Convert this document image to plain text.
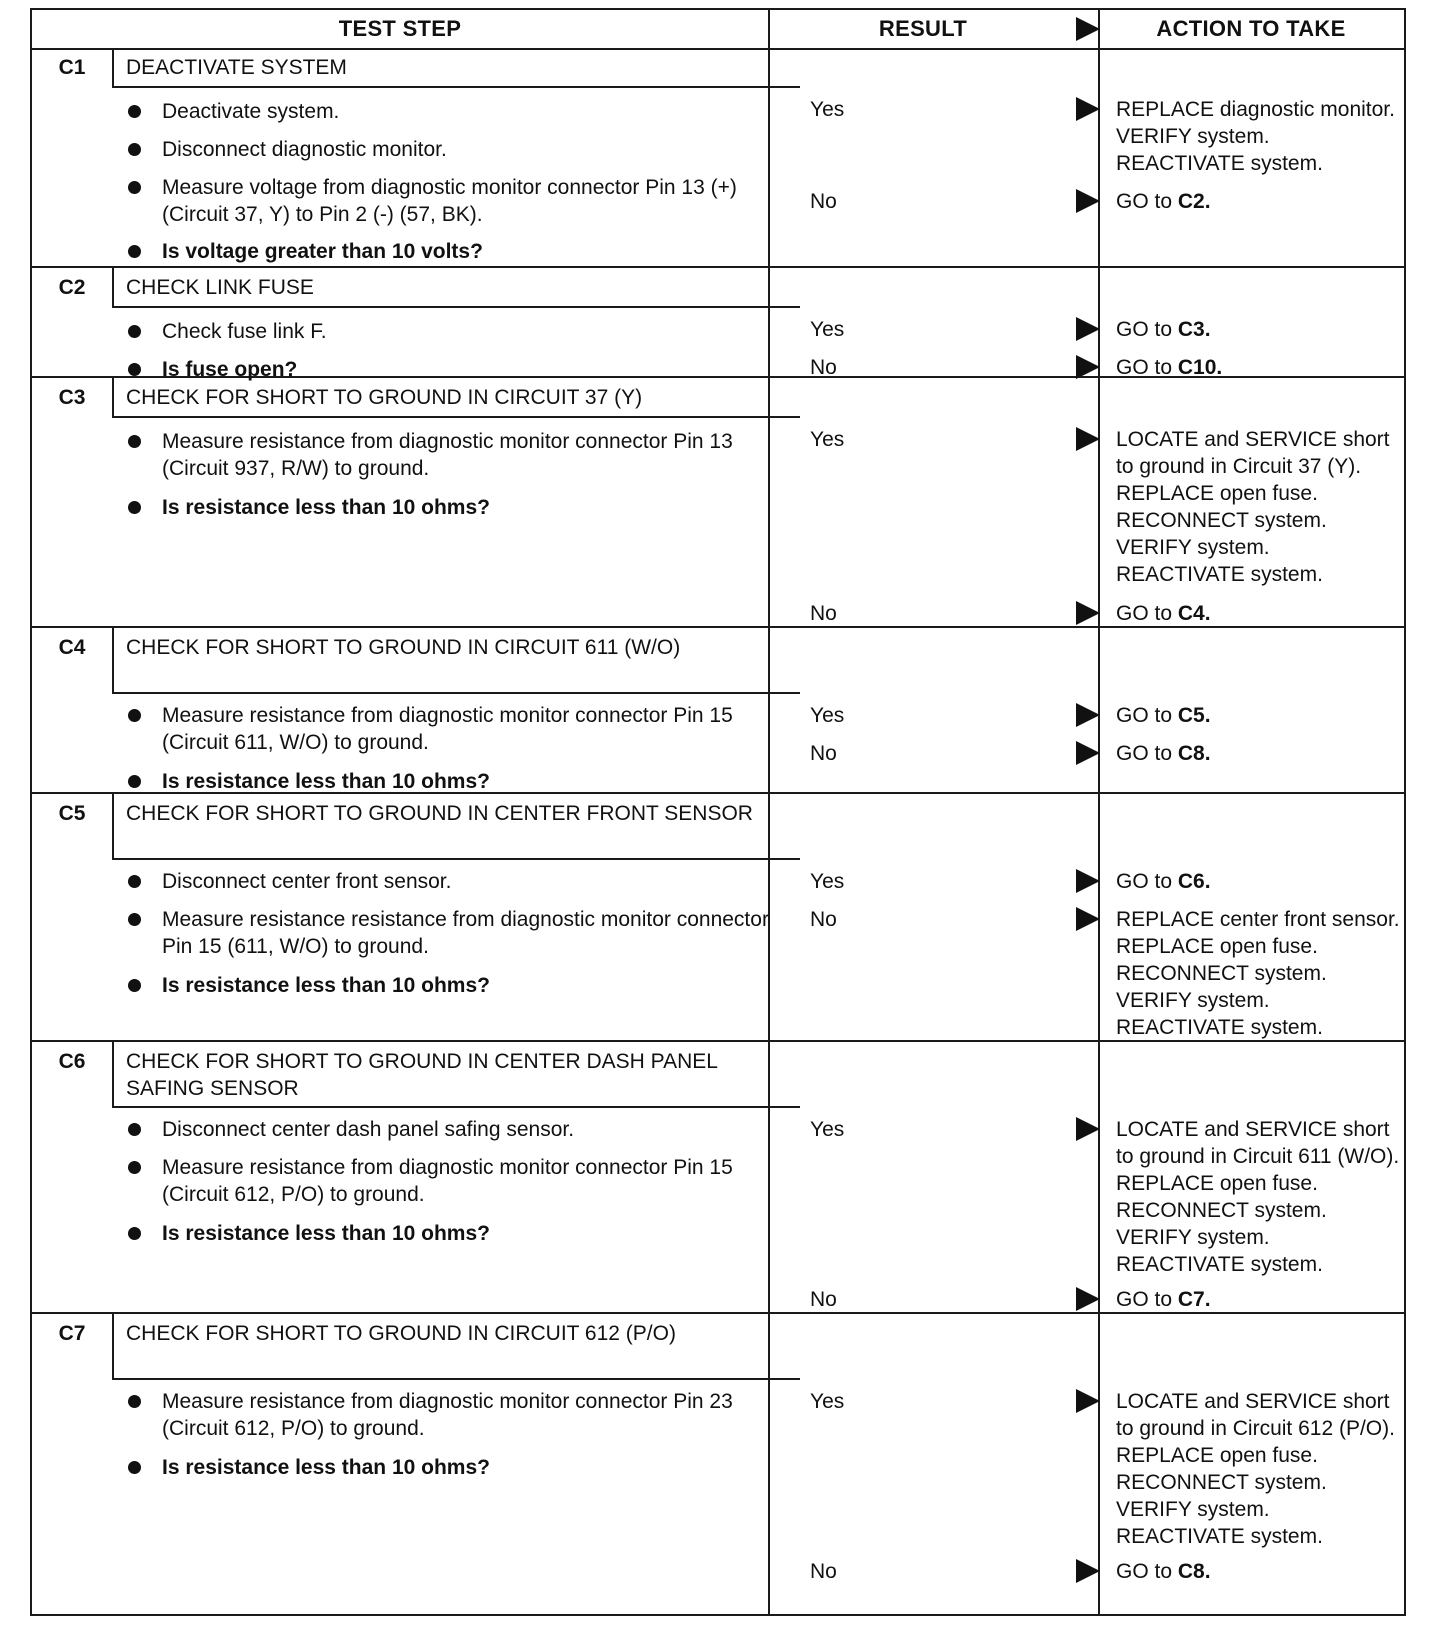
TEST STEP	RESULT	ACTION TO TAKE
C1	DEACTIVATE SYSTEM
Deactivate system.
Disconnect diagnostic monitor.
Measure voltage from diagnostic monitor connector Pin 13 (+) (Circuit 37, Y) to Pin 2 (-) (57, BK).
Is voltage greater than 10 volts?
Yes	REPLACE diagnostic monitor. VERIFY system. REACTIVATE system.
No	GO to C2.
C2	CHECK LINK FUSE
Check fuse link F.
Is fuse open?
Yes	GO to C3.
No	GO to C10.
C3	CHECK FOR SHORT TO GROUND IN CIRCUIT 37 (Y)
Measure resistance from diagnostic monitor connector Pin 13 (Circuit 937, R/W) to ground.
Is resistance less than 10 ohms?
Yes	LOCATE and SERVICE short to ground in Circuit 37 (Y). REPLACE open fuse. RECONNECT system. VERIFY system. REACTIVATE system.
No	GO to C4.
C4	CHECK FOR SHORT TO GROUND IN CIRCUIT 611 (W/O)
Measure resistance from diagnostic monitor connector Pin 15 (Circuit 611, W/O) to ground.
Is resistance less than 10 ohms?
Yes	GO to C5.
No	GO to C8.
C5	CHECK FOR SHORT TO GROUND IN CENTER FRONT SENSOR
Disconnect center front sensor.
Measure resistance resistance from diagnostic monitor connector Pin 15 (611, W/O) to ground.
Is resistance less than 10 ohms?
Yes	GO to C6.
No	REPLACE center front sensor. REPLACE open fuse. RECONNECT system. VERIFY system. REACTIVATE system.
C6	CHECK FOR SHORT TO GROUND IN CENTER DASH PANEL SAFING SENSOR
Disconnect center dash panel safing sensor.
Measure resistance from diagnostic monitor connector Pin 15 (Circuit 612, P/O) to ground.
Is resistance less than 10 ohms?
Yes	LOCATE and SERVICE short to ground in Circuit 611 (W/O). REPLACE open fuse. RECONNECT system. VERIFY system. REACTIVATE system.
No	GO to C7.
C7	CHECK FOR SHORT TO GROUND IN CIRCUIT 612 (P/O)
Measure resistance from diagnostic monitor connector Pin 23 (Circuit 612, P/O) to ground.
Is resistance less than 10 ohms?
Yes	LOCATE and SERVICE short to ground in Circuit 612 (P/O). REPLACE open fuse. RECONNECT system. VERIFY system. REACTIVATE system.
No	GO to C8.
